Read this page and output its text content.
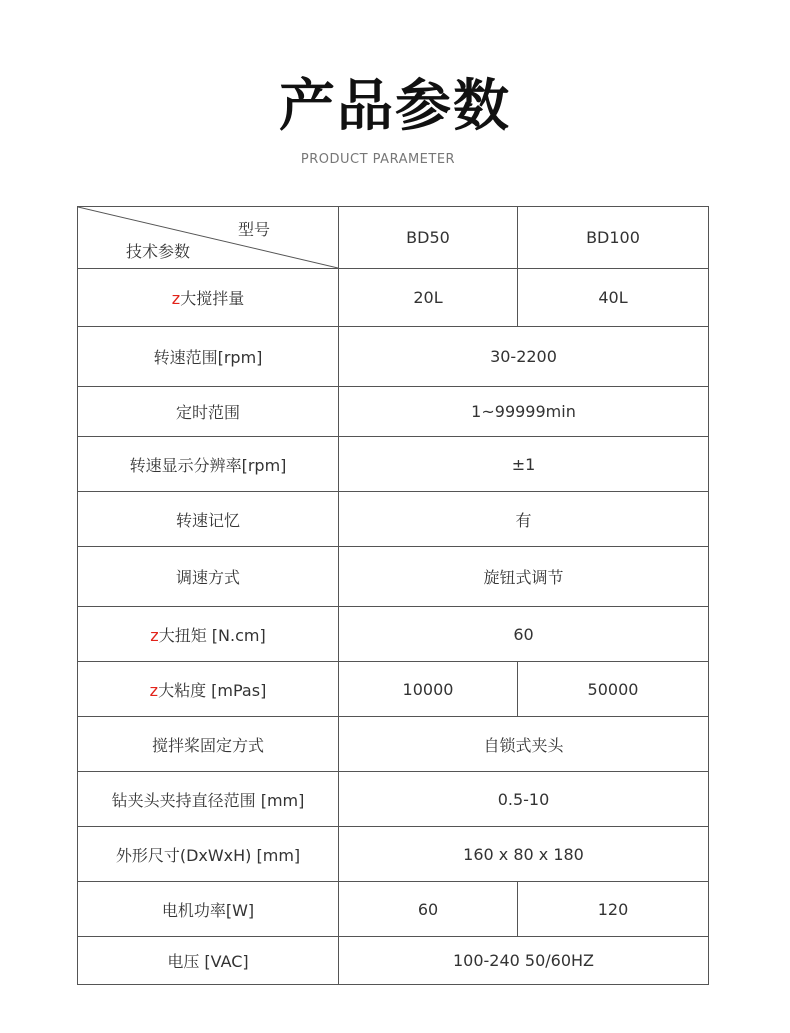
产品参数
PRODUCT PARAMETER
型号
技术参数	BD50	BD100
z大搅拌量	20L	40L
转速范围[rpm]	30-2200	
定时范围	1~99999min	
转速显示分辨率[rpm]	±1	
转速记忆	有	
调速方式	旋钮式调节	
z大扭矩 [N.cm]	60	
z大粘度 [mPas]	10000	50000
搅拌桨固定方式	自锁式夹头	
钻夹头夹持直径范围 [mm]	0.5-10	
外形尺寸(DxWxH) [mm]	160 x 80 x 180	
电机功率[W]	60	120
电压 [VAC]	100-240 50/60HZ	
